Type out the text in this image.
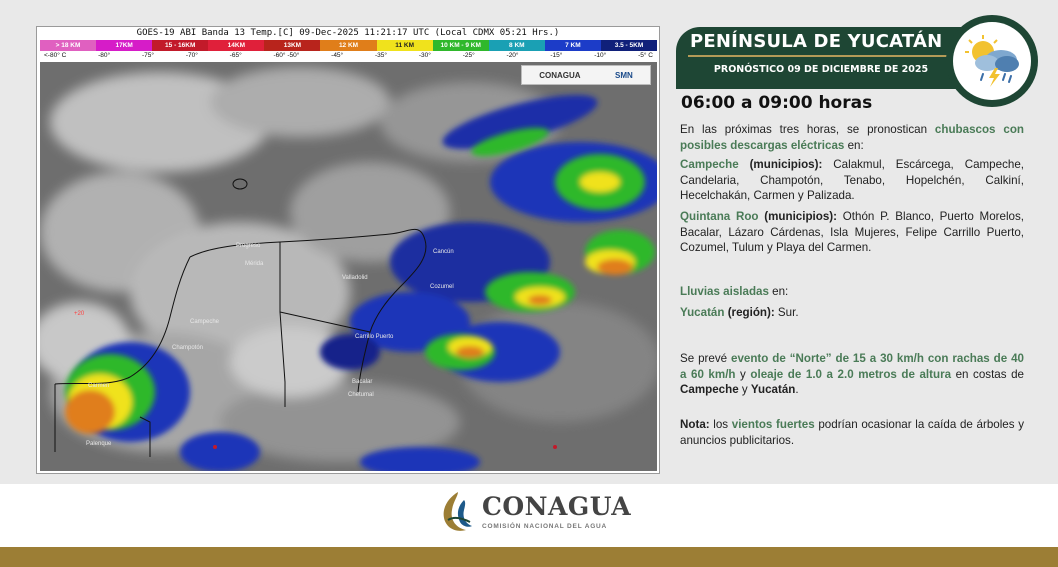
GOES-19 ABI Banda 13 Temp.[C] 09-Dec-2025 11:21:17 UTC (Local CDMX 05:21 Hrs.)
> 18 KM	17KM	15 - 16KM	14KM	13KM	12 KM	11 KM	10 KM - 9 KM	8 KM	7 KM	3.5 - 5KM
<-80° C	-80°	-75°	-70°	-65°	-60° -50°	-45°	-35°	-30°	-25°	-20°	-15°	-10°	-5° C
CONAGUA	SMN
Progreso
Mérida
Valladolid
Cancún
Cozumel
Campeche
Champotón
Carrillo Puerto
Bacalar
Chetumal
Carmen
Palenque
+20
PENÍNSULA DE YUCATÁN
PRONÓSTICO 09 DE DICIEMBRE DE 2025
06:00 a 09:00 horas
En las próximas tres horas, se pronostican chubascos con posibles descargas eléctricas en:
Campeche (municipios): Calakmul, Escárcega, Campeche, Candelaria, Champotón, Tenabo, Hopelchén, Calkiní, Hecelchakán, Carmen y Palizada.
Quintana Roo (municipios): Othón P. Blanco, Puerto Morelos, Bacalar, Lázaro Cárdenas, Isla Mujeres, Felipe Carrillo Puerto, Cozumel, Tulum y Playa del Carmen.
Lluvias aisladas en:
Yucatán (región): Sur.
Se prevé evento de “Norte” de 15 a 30 km/h con rachas de 40 a 60 km/h y oleaje de 1.0 a 2.0 metros de altura en costas de Campeche y Yucatán.
Nota: los vientos fuertes podrían ocasionar la caída de árboles y anuncios publicitarios.
CONAGUA
COMISIÓN NACIONAL DEL AGUA
